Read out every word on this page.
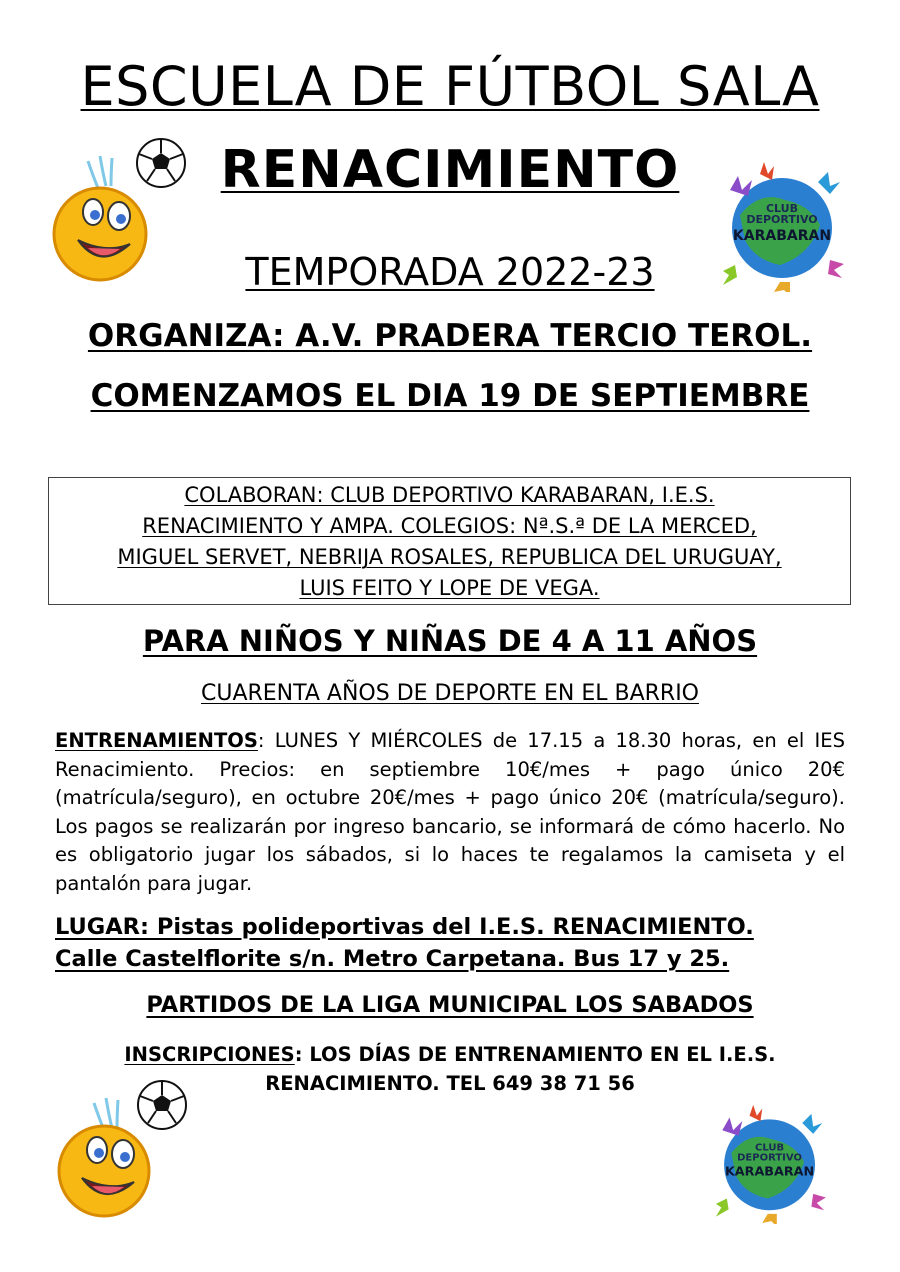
ESCUELA DE FÚTBOL SALA
RENACIMIENTO
TEMPORADA 2022-23
ORGANIZA: A.V. PRADERA TERCIO TEROL.
COMENZAMOS EL DIA 19 DE SEPTIEMBRE
CLUB
DEPORTIVO
KARABARAN
COLABORAN: CLUB DEPORTIVO KARABARAN, I.E.S.
RENACIMIENTO Y AMPA. COLEGIOS: Nª.S.ª DE LA MERCED,
MIGUEL SERVET, NEBRIJA ROSALES, REPUBLICA DEL URUGUAY,
LUIS FEITO Y LOPE DE VEGA.
PARA NIÑOS Y NIÑAS DE 4 A 11 AÑOS
CUARENTA AÑOS DE DEPORTE EN EL BARRIO
ENTRENAMIENTOS: LUNES Y MIÉRCOLES de 17.15 a 18.30 horas, en el IES Renacimiento. Precios: en septiembre 10€/mes + pago único 20€ (matrícula/seguro), en octubre 20€/mes + pago único 20€ (matrícula/seguro). Los pagos se realizarán por ingreso bancario, se informará de cómo hacerlo. No es obligatorio jugar los sábados, si lo haces te regalamos la camiseta y el pantalón para jugar.
LUGAR: Pistas polideportivas del I.E.S. RENACIMIENTO.
Calle Castelflorite s/n. Metro Carpetana. Bus 17 y 25.
PARTIDOS DE LA LIGA MUNICIPAL LOS SABADOS
INSCRIPCIONES: LOS DÍAS DE ENTRENAMIENTO EN EL I.E.S.
RENACIMIENTO. TEL 649 38 71 56
CLUB
DEPORTIVO
KARABARAN
